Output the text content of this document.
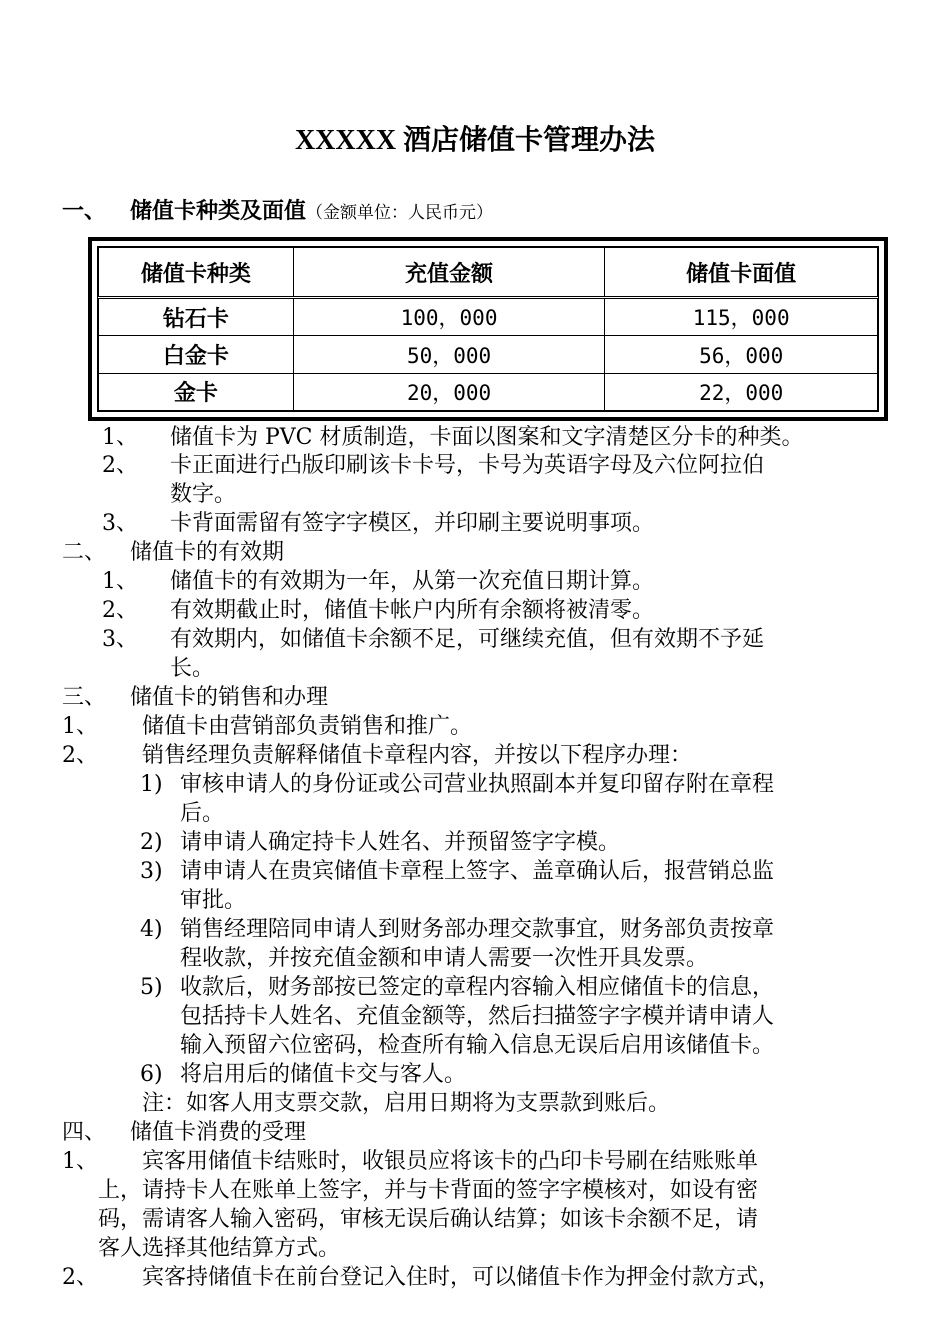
XXXXX 酒店储值卡管理办法
一、 储值卡种类及面值（金额单位：人民币元）
储值卡种类	充值金额	储值卡面值
钻石卡	100，000	115，000
白金卡	50，000	56，000
金卡	20，000	22，000
1、 储值卡为 PVC 材质制造，卡面以图案和文字清楚区分卡的种类。
2、 卡正面进行凸版印刷该卡卡号，卡号为英语字母及六位阿拉伯
数字。
3、 卡背面需留有签字字模区，并印刷主要说明事项。
二、 储值卡的有效期
1、 储值卡的有效期为一年，从第一次充值日期计算。
2、 有效期截止时，储值卡帐户内所有余额将被清零。
3、 有效期内，如储值卡余额不足，可继续充值，但有效期不予延
长。
三、 储值卡的销售和办理
1、 储值卡由营销部负责销售和推广。
2、 销售经理负责解释储值卡章程内容，并按以下程序办理：
1) 审核申请人的身份证或公司营业执照副本并复印留存附在章程
后。
2) 请申请人确定持卡人姓名、并预留签字字模。
3) 请申请人在贵宾储值卡章程上签字、盖章确认后，报营销总监
审批。
4) 销售经理陪同申请人到财务部办理交款事宜，财务部负责按章
程收款，并按充值金额和申请人需要一次性开具发票。
5) 收款后，财务部按已签定的章程内容输入相应储值卡的信息，
包括持卡人姓名、充值金额等，然后扫描签字字模并请申请人
输入预留六位密码，检查所有输入信息无误后启用该储值卡。
6) 将启用后的储值卡交与客人。
注：如客人用支票交款，启用日期将为支票款到账后。
四、 储值卡消费的受理
1、 宾客用储值卡结账时，收银员应将该卡的凸印卡号刷在结账账单
上，请持卡人在账单上签字，并与卡背面的签字字模核对，如设有密
码，需请客人输入密码，审核无误后确认结算；如该卡余额不足，请
客人选择其他结算方式。
2、 宾客持储值卡在前台登记入住时，可以储值卡作为押金付款方式，
